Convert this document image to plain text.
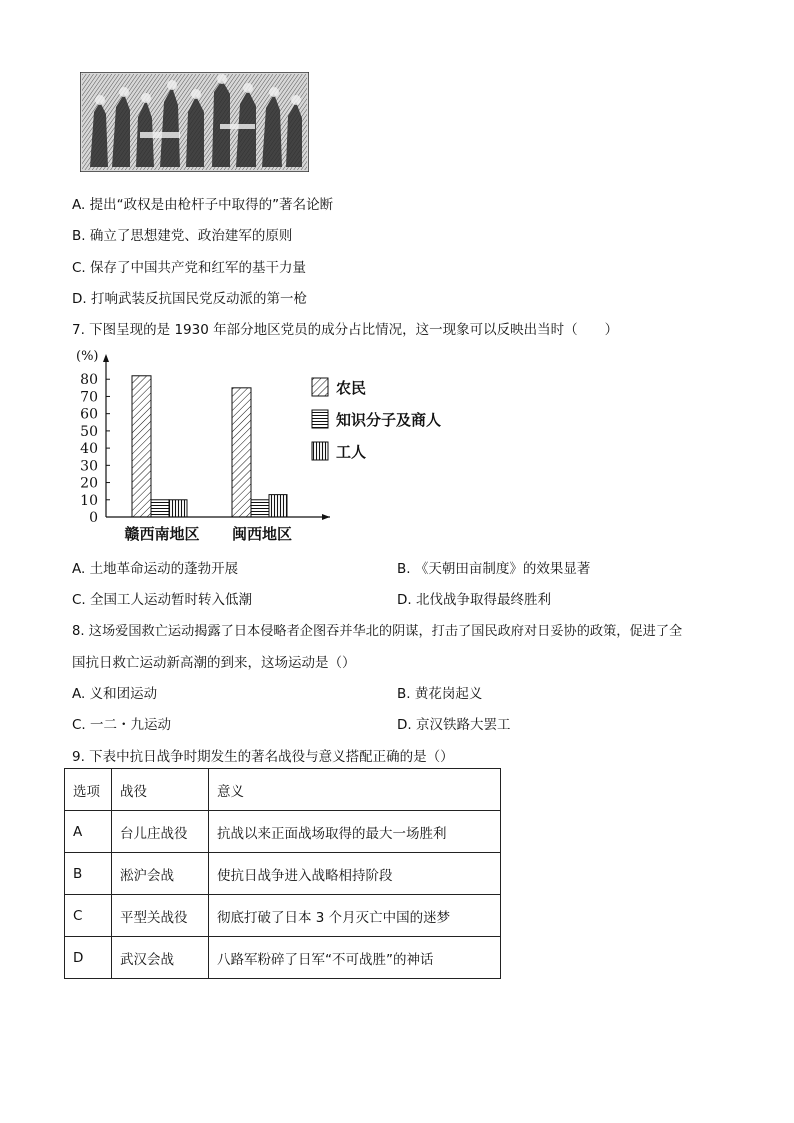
A. 提出“政权是由枪杆子中取得的”著名论断
B. 确立了思想建党、政治建军的原则
C. 保存了中国共产党和红军的基干力量
D. 打响武装反抗国民党反动派的第一枪
7. 下图呈现的是 1930 年部分地区党员的成分占比情况，这一现象可以反映出当时（　　）
(%)
0
10
20
30
40
50
60
70
80
赣西南地区 闽西地区
农民
知识分子及商人
工人
A. 土地革命运动的蓬勃开展	B. 《天朝田亩制度》的效果显著
C. 全国工人运动暂时转入低潮	D. 北伐战争取得最终胜利
8. 这场爱国救亡运动揭露了日本侵略者企图吞并华北的阴谋，打击了国民政府对日妥协的政策，促进了全
国抗日救亡运动新高潮的到来，这场运动是（）
A. 义和团运动	B. 黄花岗起义
C. 一二・九运动	D. 京汉铁路大罢工
9. 下表中抗日战争时期发生的著名战役与意义搭配正确的是（）
选项	战役	意义
A	台儿庄战役	抗战以来正面战场取得的最大一场胜利
B	淞沪会战	使抗日战争进入战略相持阶段
C	平型关战役	彻底打破了日本 3 个月灭亡中国的迷梦
D	武汉会战	八路军粉碎了日军“不可战胜”的神话
